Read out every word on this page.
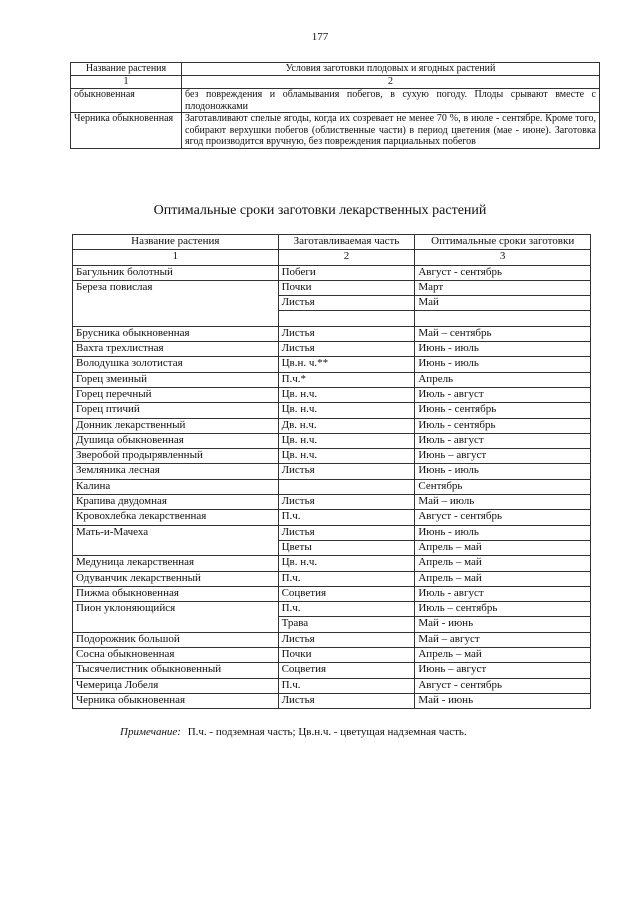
177
Название растения	Условия заготовки плодовых и ягодных растений
1	2
обыкновенная	без повреждения и обламывания побегов, в сухую погоду. Плоды срывают вместе с плодоножками
Черника обыкновенная	Заготавливают спелые ягоды, когда их созревает не менее 70 %, в июле - сентябре. Кроме того, собирают верхушки побегов (облиственные части) в период цветения (мае - июне). Заготовка ягод производится вручную, без повреждения парциальных побегов
Оптимальные сроки заготовки лекарственных растений
Название растения	Заготавливаемая часть	Оптимальные сроки заготовки
1	2	3
Багульник болотный	Побеги	Август - сентябрь
Береза повислая	Почки	Март
	Листья	Май

Брусника обыкновенная	Листья	Май – сентябрь
Вахта трехлистная	Листья	Июнь - июль
Володушка золотистая	Цв.н. ч.**	Июнь - июль
Горец змеиный	П.ч.*	Апрель
Горец перечный	Цв. н.ч.	Июль - август
Горец птичий	Цв. н.ч.	Июнь - сентябрь
Донник лекарственный	Дв. н.ч.	Июль - сентябрь
Душица обыкновенная	Цв. н.ч.	Июль - август
Зверобой продырявленный	Цв. н.ч.	Июнь – август
Земляника лесная	Листья	Июнь - июль
Калина		Сентябрь
Крапива двудомная	Листья	Май – июль
Кровохлебка лекарственная	П.ч.	Август - сентябрь
Мать-и-Мачеха	Листья	Июнь - июль
	Цветы	Апрель – май
Медуница лекарственная	Цв. н.ч.	Апрель – май
Одуванчик лекарственный	П.ч.	Апрель – май
Пижма обыкновенная	Соцветия	Июль - август
Пион уклоняющийся	П.ч.	Июль – сентябрь
	Трава	Май - июнь
Подорожник большой	Листья	Май – август
Сосна обыкновенная	Почки	Апрель – май
Тысячелистник обыкновенный	Соцветия	Июнь – август
Чемерица Лобеля	П.ч.	Август - сентябрь
Черника обыкновенная	Листья	Май - июнь
Примечание: П.ч. - подземная часть; Цв.н.ч. - цветущая надземная часть.
